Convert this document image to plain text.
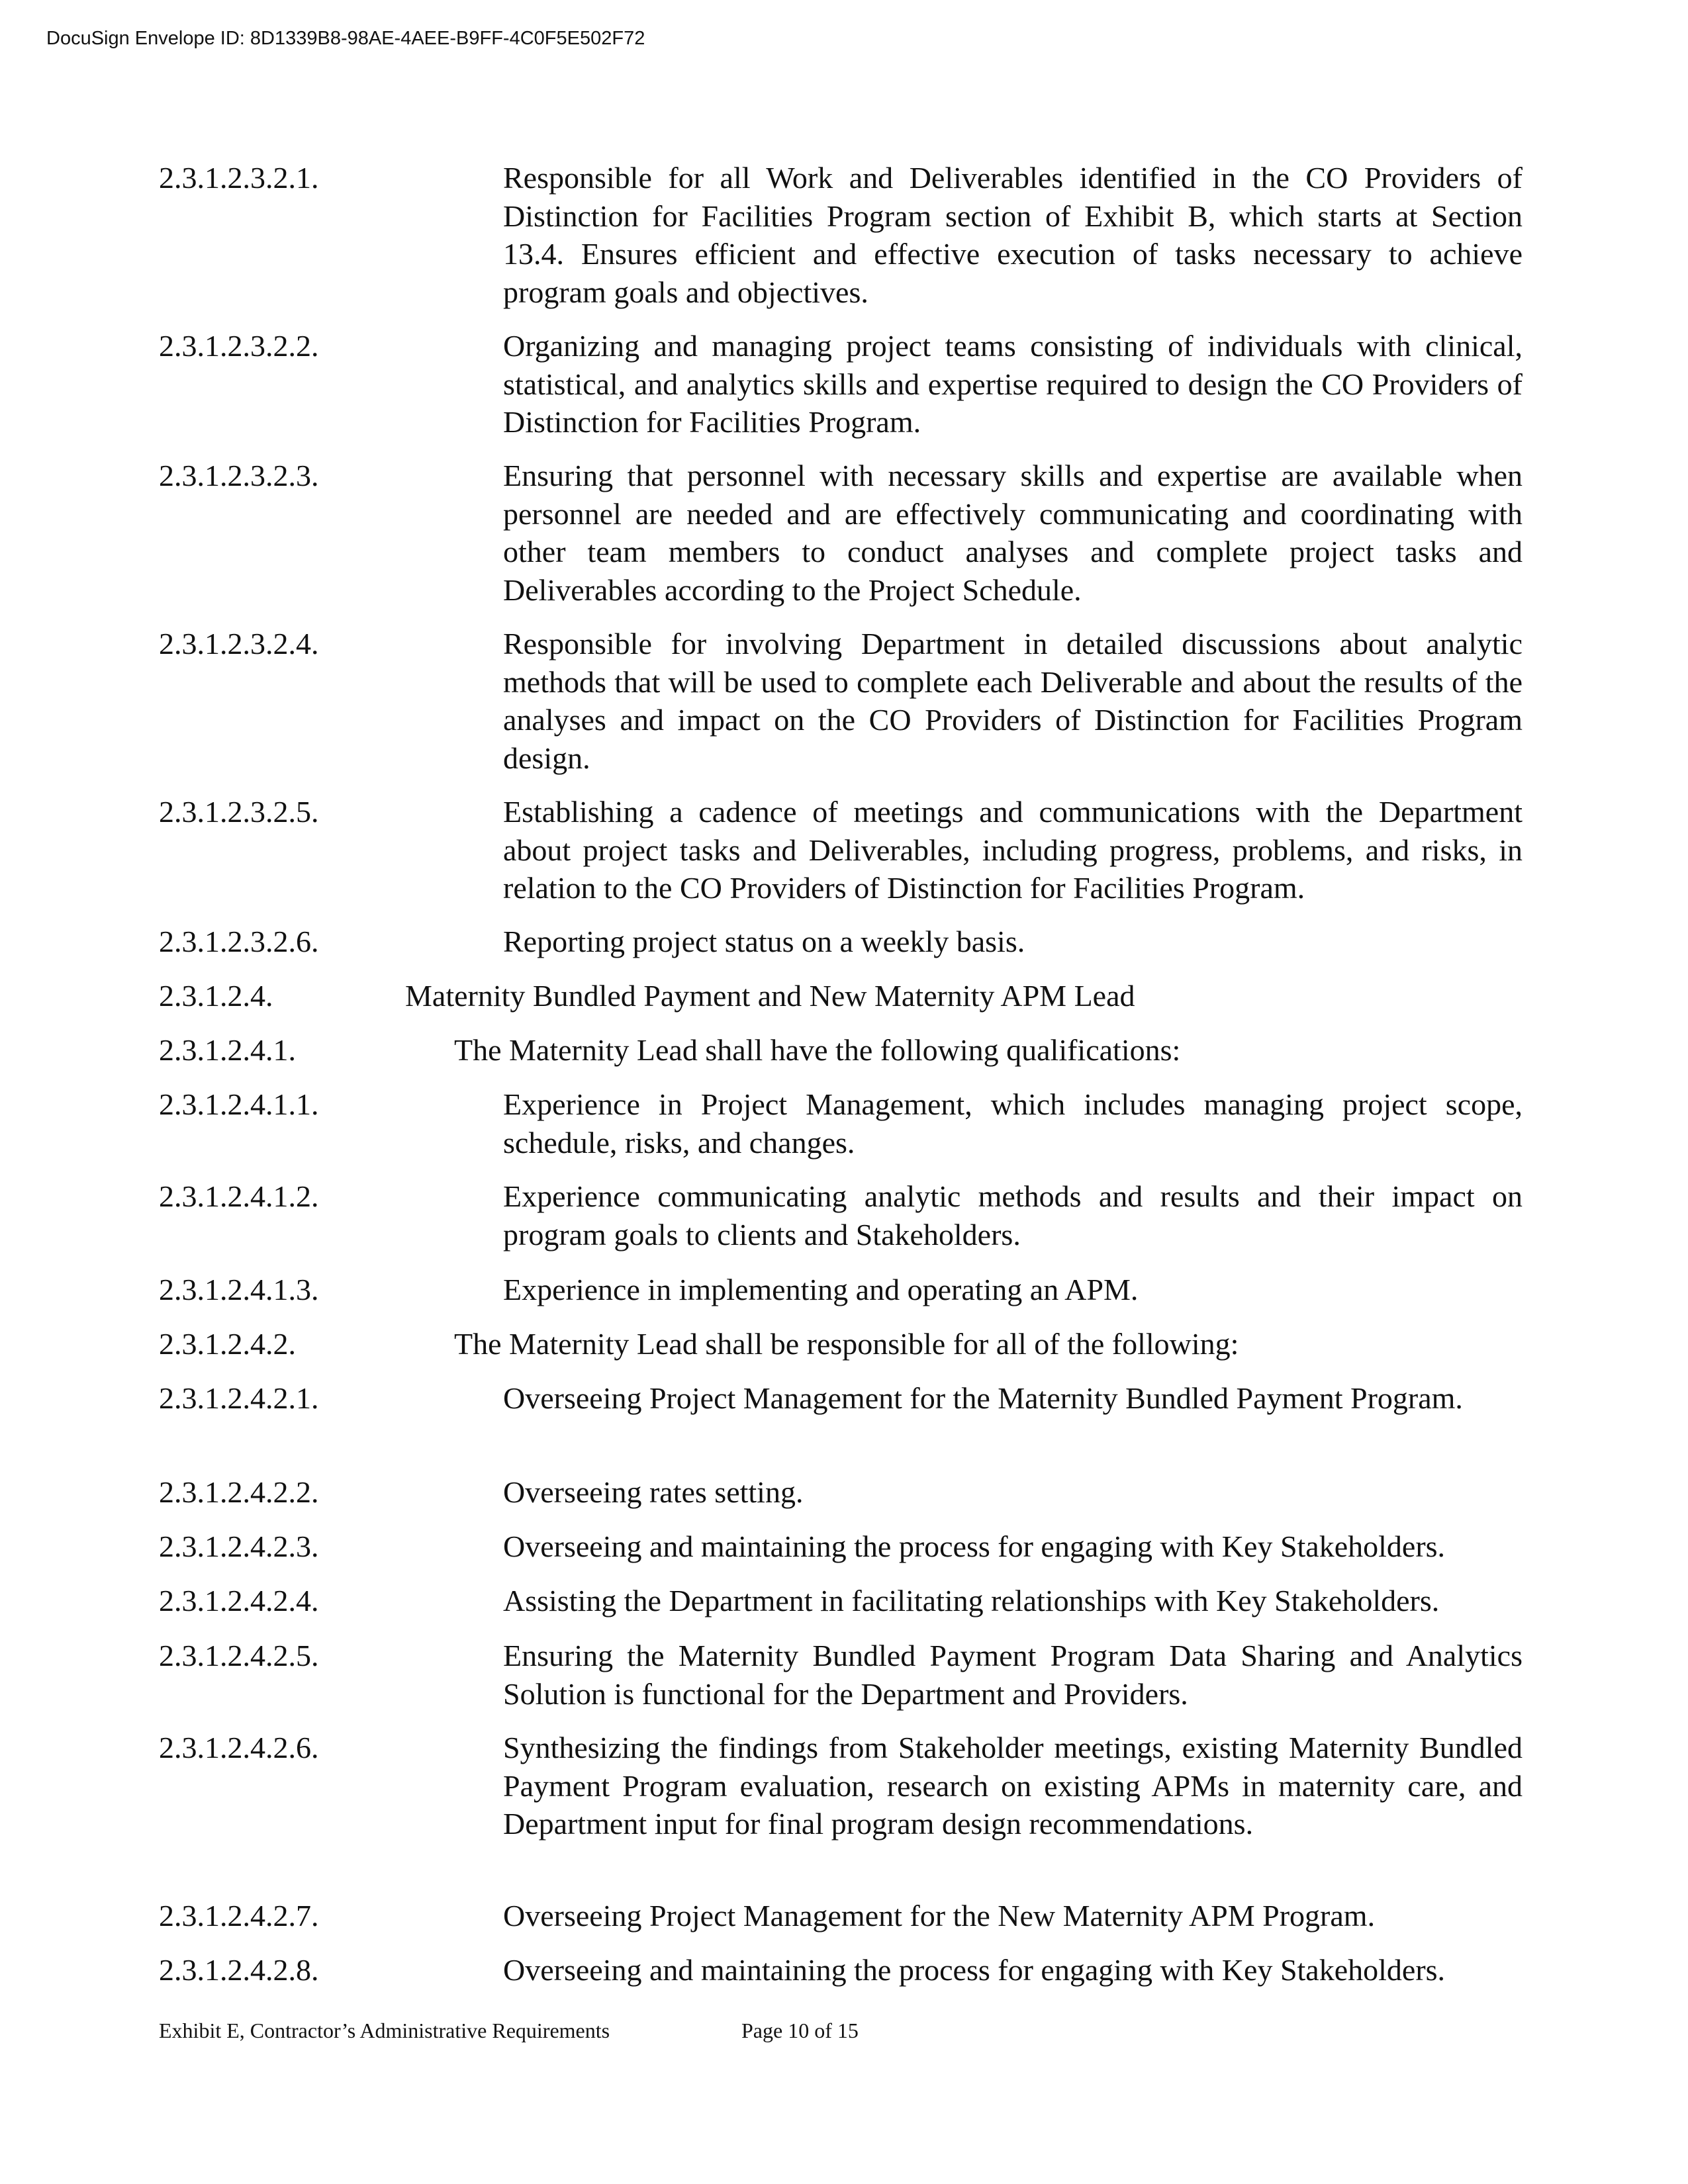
DocuSign Envelope ID: 8D1339B8-98AE-4AEE-B9FF-4C0F5E502F72
2.3.1.2.3.2.1.	Responsible for all Work and Deliverables identified in the CO Providers of Distinction for Facilities Program section of Exhibit B, which starts at Section 13.4. Ensures efficient and effective execution of tasks necessary to achieve program goals and objectives.
2.3.1.2.3.2.2.	Organizing and managing project teams consisting of individuals with clinical, statistical, and analytics skills and expertise required to design the CO Providers of Distinction for Facilities Program.
2.3.1.2.3.2.3.	Ensuring that personnel with necessary skills and expertise are available when personnel are needed and are effectively communicating and coordinating with other team members to conduct analyses and complete project tasks and Deliverables according to the Project Schedule.
2.3.1.2.3.2.4.	Responsible for involving Department in detailed discussions about analytic methods that will be used to complete each Deliverable and about the results of the analyses and impact on the CO Providers of Distinction for Facilities Program design.
2.3.1.2.3.2.5.	Establishing a cadence of meetings and communications with the Department about project tasks and Deliverables, including progress, problems, and risks, in relation to the CO Providers of Distinction for Facilities Program.
2.3.1.2.3.2.6.	Reporting project status on a weekly basis.
2.3.1.2.4.	Maternity Bundled Payment and New Maternity APM Lead
2.3.1.2.4.1.	The Maternity Lead shall have the following qualifications:
2.3.1.2.4.1.1.	Experience in Project Management, which includes managing project scope, schedule, risks, and changes.
2.3.1.2.4.1.2.	Experience communicating analytic methods and results and their impact on program goals to clients and Stakeholders.
2.3.1.2.4.1.3.	Experience in implementing and operating an APM.
2.3.1.2.4.2.	The Maternity Lead shall be responsible for all of the following:
2.3.1.2.4.2.1.	Overseeing Project Management for the Maternity Bundled Payment Program.
2.3.1.2.4.2.2.	Overseeing rates setting.
2.3.1.2.4.2.3.	Overseeing and maintaining the process for engaging with Key Stakeholders.
2.3.1.2.4.2.4.	Assisting the Department in facilitating relationships with Key Stakeholders.
2.3.1.2.4.2.5.	Ensuring the Maternity Bundled Payment Program Data Sharing and Analytics Solution is functional for the Department and Providers.
2.3.1.2.4.2.6.	Synthesizing the findings from Stakeholder meetings, existing Maternity Bundled Payment Program evaluation, research on existing APMs in maternity care, and Department input for final program design recommendations.
2.3.1.2.4.2.7.	Overseeing Project Management for the New Maternity APM Program.
2.3.1.2.4.2.8.	Overseeing and maintaining the process for engaging with Key Stakeholders.
Exhibit E, Contractor’s Administrative Requirements	Page 10 of 15
